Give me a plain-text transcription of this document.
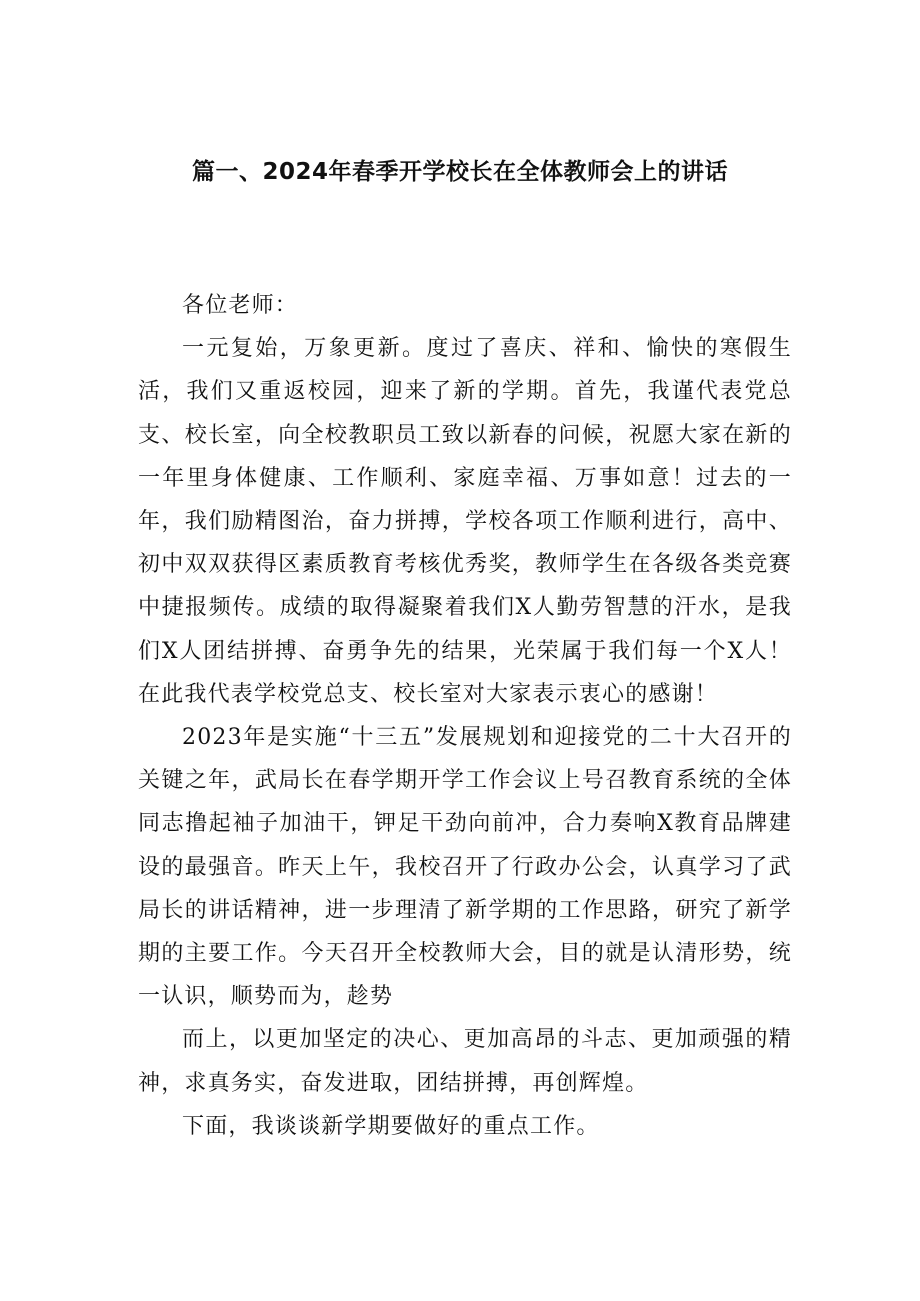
篇一、2024年春季开学校长在全体教师会上的讲话

各位老师：

一元复始，万象更新。度过了喜庆、祥和、愉快的寒假生活，我们又重返校园，迎来了新的学期。首先，我谨代表党总支、校长室，向全校教职员工致以新春的问候，祝愿大家在新的一年里身体健康、工作顺利、家庭幸福、万事如意！过去的一年，我们励精图治，奋力拼搏，学校各项工作顺利进行，高中、初中双双获得区素质教育考核优秀奖，教师学生在各级各类竞赛中捷报频传。成绩的取得凝聚着我们X人勤劳智慧的汗水，是我们X人团结拼搏、奋勇争先的结果，光荣属于我们每一个X人！在此我代表学校党总支、校长室对大家表示衷心的感谢！

2023年是实施“十三五”发展规划和迎接党的二十大召开的关键之年，武局长在春学期开学工作会议上号召教育系统的全体同志撸起袖子加油干，钾足干劲向前冲，合力奏响X教育品牌建设的最强音。昨天上午，我校召开了行政办公会，认真学习了武局长的讲话精神，进一步理清了新学期的工作思路，研究了新学期的主要工作。今天召开全校教师大会，目的就是认清形势，统一认识，顺势而为，趁势

而上，以更加坚定的决心、更加高昂的斗志、更加顽强的精神，求真务实，奋发进取，团结拼搏，再创辉煌。

下面，我谈谈新学期要做好的重点工作。
